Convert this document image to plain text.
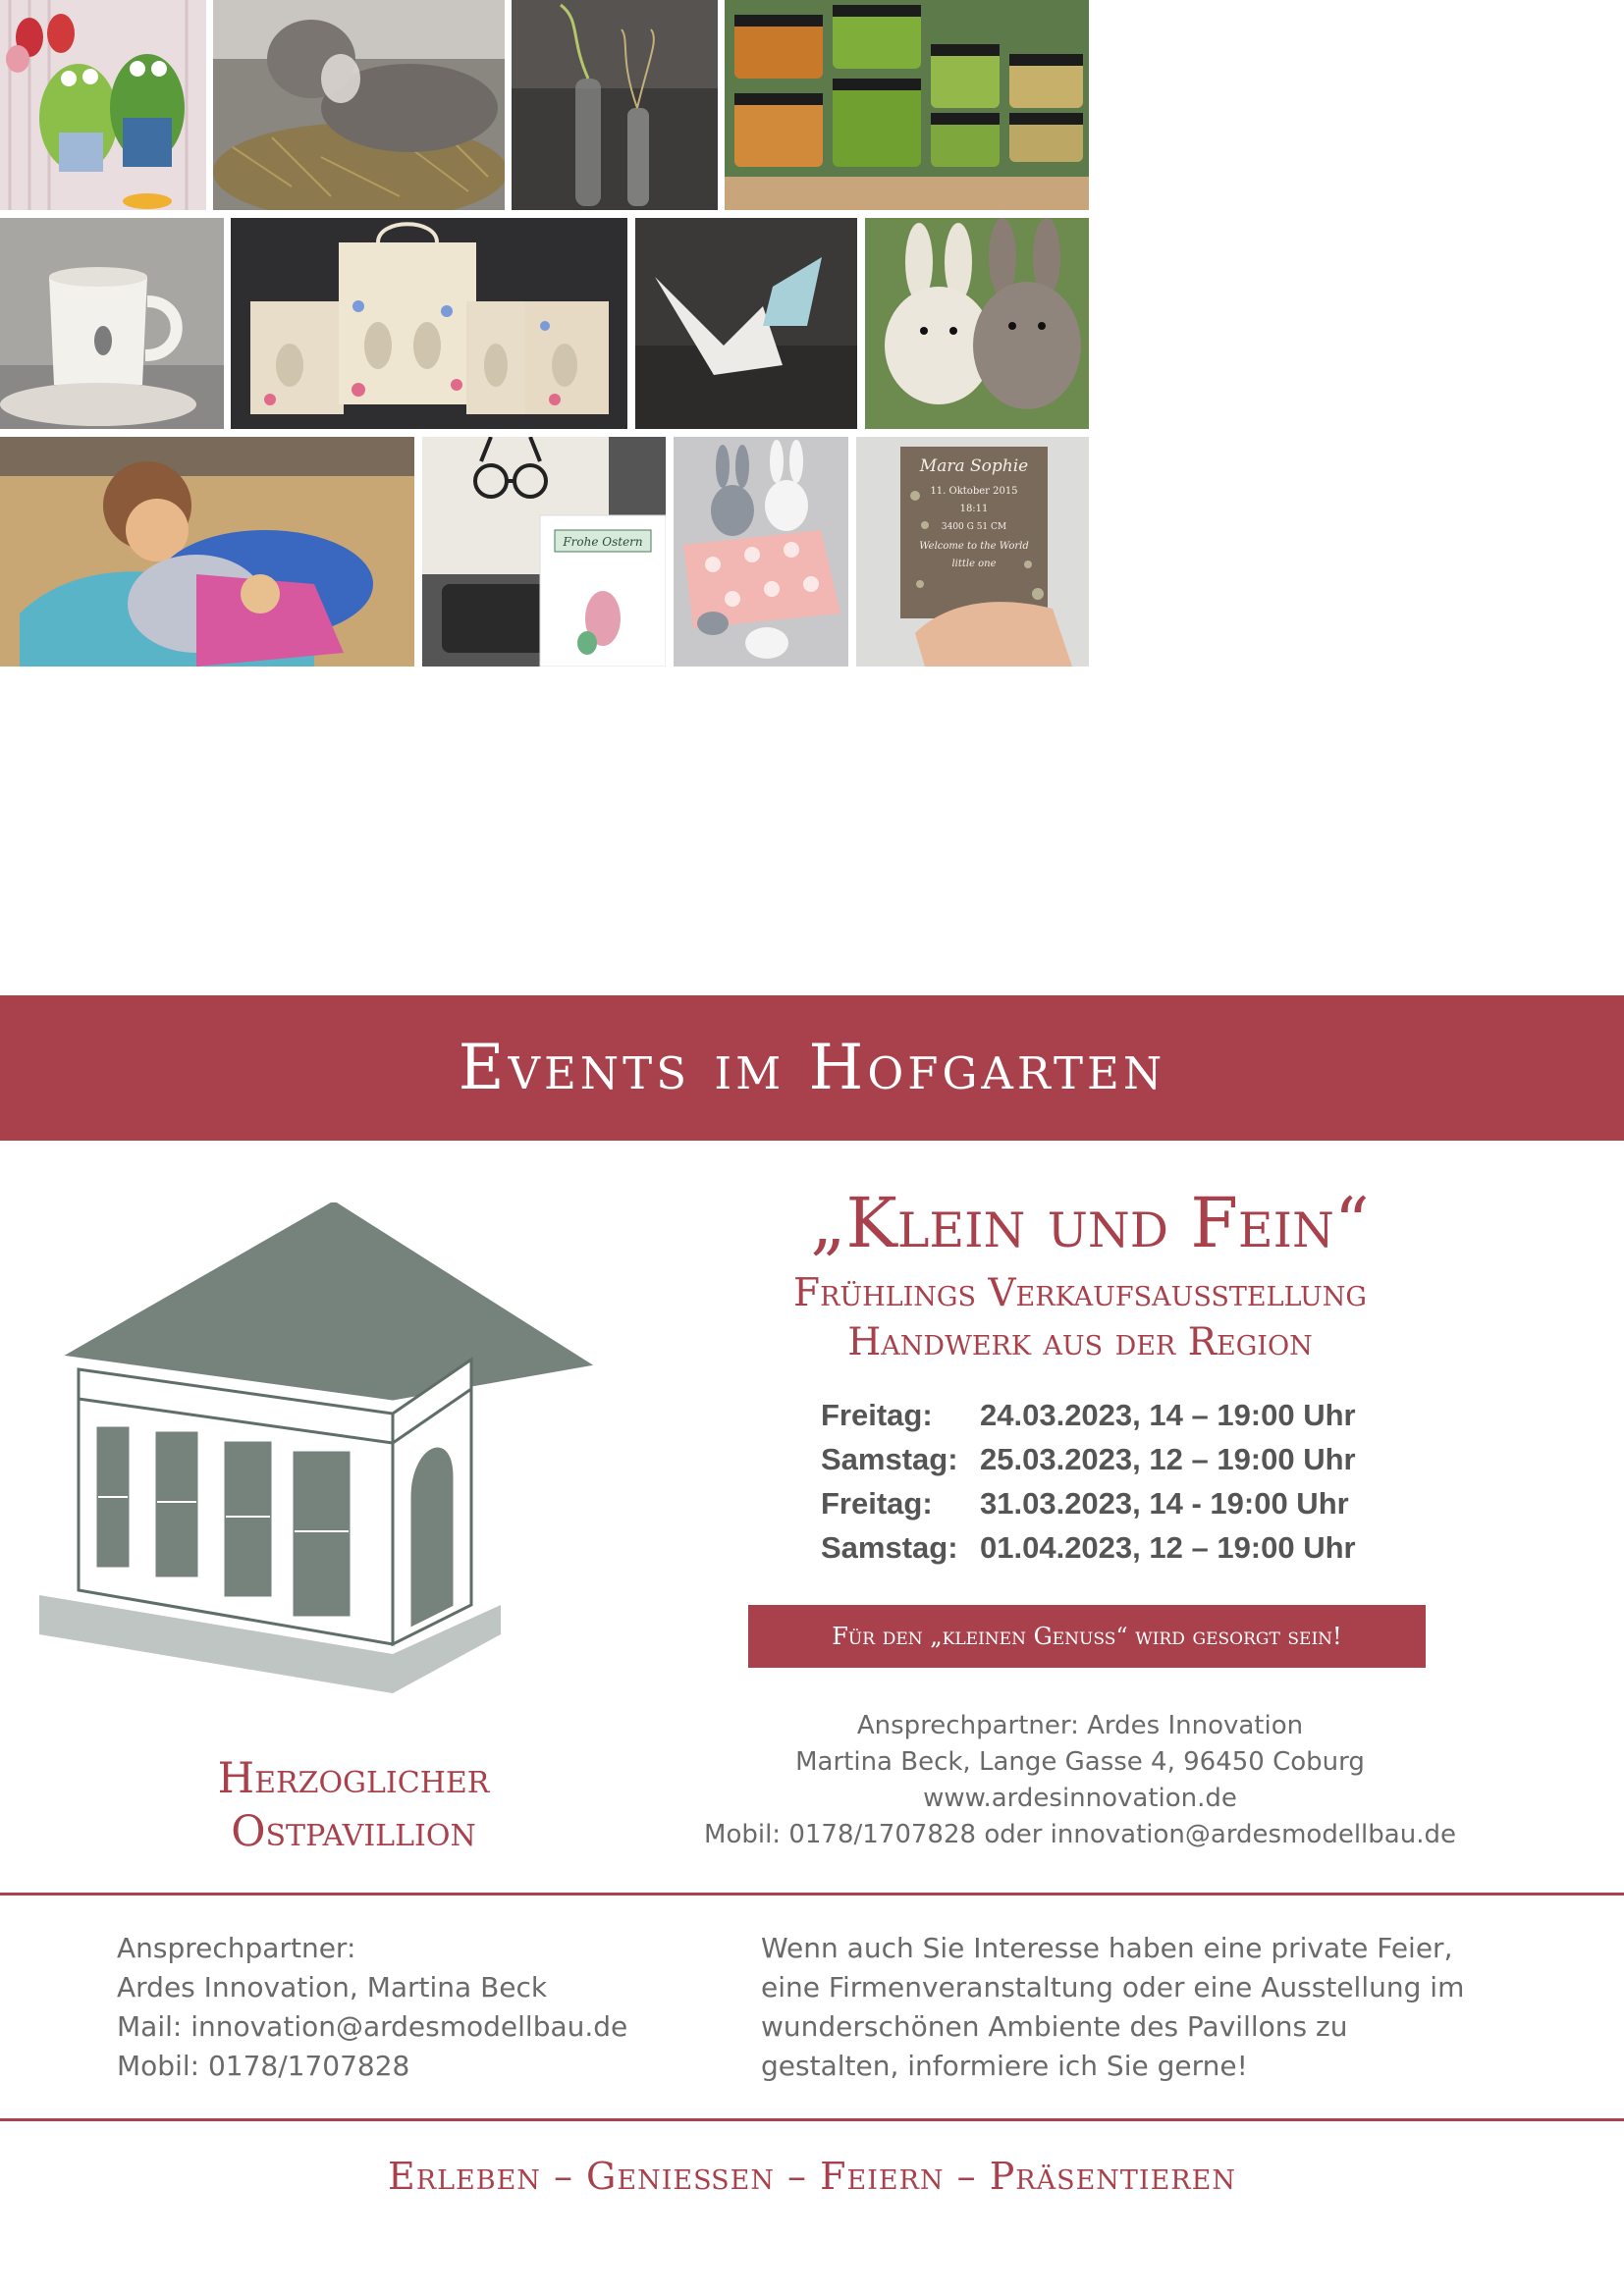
Frohe Ostern
Mara Sophie
11. Oktober 2015
18:11
3400 G 51 CM
Welcome to the World
little one
Events im Hofgarten
„Klein und Fein“
Frühlings Verkaufsausstellung
Handwerk aus der Region
Freitag:	24.03.2023, 14 – 19:00 Uhr
Samstag: 25.03.2023, 12 – 19:00 Uhr
Freitag:	31.03.2023, 14 - 19:00 Uhr
Samstag: 01.04.2023, 12 – 19:00 Uhr
Für den „kleinen Genuß“ wird gesorgt sein!
Ansprechpartner: Ardes Innovation
Martina Beck, Lange Gasse 4, 96450 Coburg
www.ardesinnovation.de
Mobil: 0178/1707828 oder innovation@ardesmodellbau.de
Herzoglicher
Ostpavillion
Ansprechpartner:
Ardes Innovation, Martina Beck
Mail: innovation@ardesmodellbau.de
Mobil: 0178/1707828
Wenn auch Sie Interesse haben eine private Feier,
eine Firmenveranstaltung oder eine Ausstellung im
wunderschönen Ambiente des Pavillons zu
gestalten, informiere ich Sie gerne!
Erleben – Genießen – Feiern – Präsentieren
